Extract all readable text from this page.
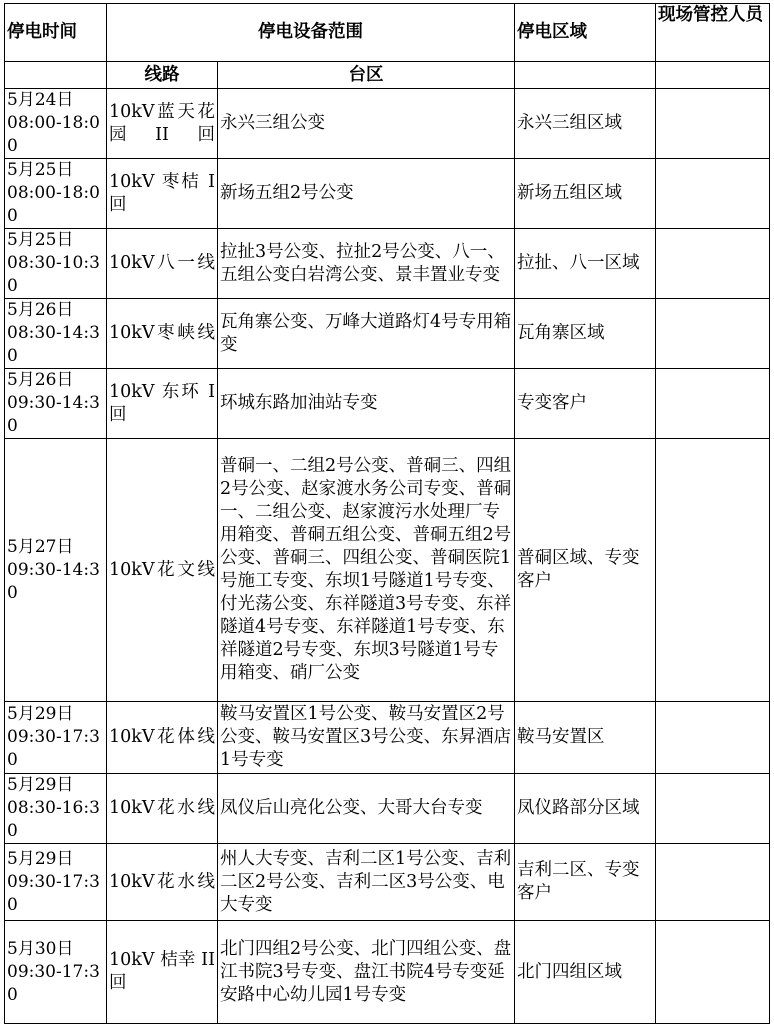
停电时间	停电设备范围		停电区域	现场管控人员
	线路	台区		

5月24日
08:00-18:00	10kV蓝天花园II回	永兴三组公变	永兴三组区域	

5月25日
08:00-18:00	10kV 枣桔 I 回	新场五组2号公变	新场五组区域	

5月25日
08:30-10:30	10kV八一线	拉扯3号公变、拉扯2号公变、八一、五组公变白岩湾公变、景丰置业专变	拉扯、八一区域	

5月26日
08:30-14:30	10kV枣峡线	瓦角寨公变、万峰大道路灯4号专用箱变	瓦角寨区域	

5月26日
09:30-14:30	10kV 东环 I 回	环城东路加油站专变	专变客户	

5月27日
09:30-14:30	10kV花文线	普硐一、二组2号公变、普硐三、四组2号公变、赵家渡水务公司专变、普硐一、二组公变、赵家渡污水处理厂专用箱变、普硐五组公变、普硐五组2号公变、普硐三、四组公变、普硐医院1号施工专变、东坝1号隧道1号专变、付光荡公变、东祥隧道3号专变、东祥隧道4号专变、东祥隧道1号专变、东祥隧道2号专变、东坝3号隧道1号专用箱变、硝厂公变	普硐区域、专变客户	

5月29日
09:30-17:30	10kV花体线	鞍马安置区1号公变、鞍马安置区2号公变、鞍马安置区3号公变、东昇酒店1号专变	鞍马安置区	

5月29日
08:30-16:30	10kV花水线	凤仪后山亮化公变、大哥大台专变	凤仪路部分区域	

5月29日
09:30-17:30	10kV花水线	州人大专变、吉利二区1号公变、吉利二区2号公变、吉利二区3号公变、电大专变	吉利二区、专变客户	

5月30日
09:30-17:30	10kV 桔幸 II 回	北门四组2号公变、北门四组公变、盘江书院3号专变、盘江书院4号专变延安路中心幼儿园1号专变	北门四组区域	
